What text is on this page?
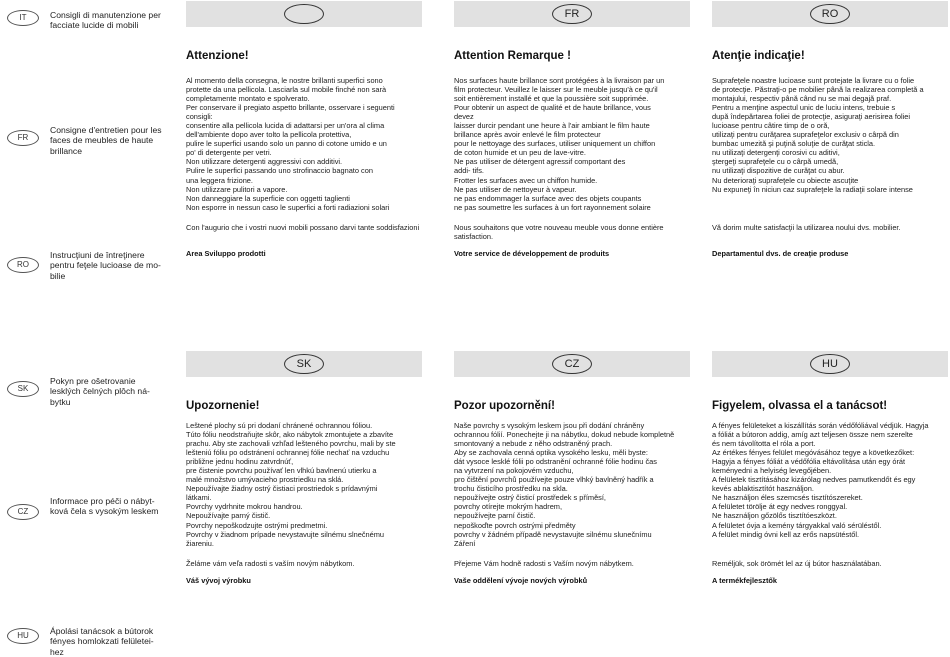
IT	Consigli di manutenzione per facciate lucide di mobili
FR
Consigne d'entretien pour les faces de meubles de haute brillance
RO
Instrucţiuni de întreţinere pentru feţele lucioase de mo- bilie
SK
Pokyn pre ošetrovanie lesklých čelných plôch ná- bytku
CZ
Informace pro péči o nábyt- ková čela s vysokým leskem
HU	Ápolási tanácsok a bútorok fényes homlokzati felületei- hez
Attenzione!
Al momento della consegna, le nostre brillanti superfici sono
protette da una pellicola. Lasciarla sul mobile finché non sarà
completamente montato e spolverato.
Per conservare il pregiato aspetto brillante, osservare i seguenti
consigli:
consentire alla pellicola lucida di adattarsi per un'ora al clima
dell'ambiente dopo aver tolto la pellicola protettiva,
pulire le superfici usando solo un panno di cotone umido e un
po' di detergente per vetri.
Non utilizzare detergenti aggressivi con additivi.
Pulire le superfici passando uno strofinaccio bagnato con
una leggera frizione.
Non utilizzare pulitori a vapore.
Non danneggiare la superficie con oggetti taglienti
Non esporre in nessun caso le superfici a forti radiazioni solari
Con l'augurio che i vostri nuovi mobili possano darvi tante soddisfazioni
Area Sviluppo prodotti
FR
Attention Remarque !
Nos surfaces haute brillance sont protégées à la livraison par un
film protecteur. Veuillez le laisser sur le meuble jusqu'à ce qu'il
soit entièrement installé et que la poussière soit supprimée.
Pour obtenir un aspect de qualité et de haute brillance, vous
devez
laisser durcir pendant une heure à l'air ambiant le film haute
brillance après avoir enlevé le film protecteur
pour le nettoyage des surfaces, utiliser uniquement un chiffon
de coton humide et un peu de lave-vitre.
Ne pas utiliser de détergent agressif comportant des
addi- tifs.
Frotter les surfaces avec un chiffon humide.
Ne pas utiliser de nettoyeur à vapeur.
ne pas endommager la surface avec des objets coupants
ne pas soumettre les surfaces à un fort rayonnement solaire
Nous souhaitons que votre nouveau meuble vous donne entière satisfaction.
Votre service de développement de produits
RO
Atenţie indicaţie!
Suprafeţele noastre lucioase sunt protejate la livrare cu o folie
de protecţie. Păstraţi-o pe mobilier până la realizarea completă a
montajului, respectiv până când nu se mai degajă praf.
Pentru a menţine aspectul unic de luciu intens, trebuie s
după îndepărtarea foliei de protecţie, asiguraţi aerisirea foliei
lucioase pentru câtire timp de o oră,
utilizaţi pentru curăţarea suprafeţelor exclusiv o cârpă din
bumbac umezită şi puţină soluţie de curăţat sticla.
nu utilizaţi detergenţi corosivi cu aditivi,
ştergeţi suprafeţele cu o cârpă umedă,
nu utilizaţi dispozitive de curăţat cu abur.
Nu deterioraţi suprafeţele cu obiecte ascuţite
Nu expuneţi în niciun caz suprafeţele la radiaţii solare intense
Vă dorim multe satisfacţii la utilizarea noului dvs. mobilier.
Departamentul dvs. de creaţie produse
SK
Upozornenie!
Leštené plochy sú pri dodaní chránené ochrannou fóliou.
Túto fóliu neodstraňujte skôr, ako nábytok zmontujete a zbavíte
prachu. Aby ste zachovali vzhľad lešteného povrchu, mali by ste
lešteniú fóliu po odstránení ochrannej fólie nechať na vzduchu
približne jednu hodinu zatvrdnúť,
pre čistenie povrchu používať len vlhkú bavlnenú utierku a
malé množstvo umývacieho prostriedku na sklá.
Nepoužívajte žiadny ostrý čistiaci prostriedok s prídavnými
látkami.
Povrchy vydrhnite mokrou handrou.
Nepoužívajte parný čistič.
Povrchy nepoškodzujte ostrými predmetmi.
Povrchy v žiadnom prípade nevystavujte silnému slnečnému
žiareniu.
Želáme vám veľa radosti s vaším novým nábytkom.
Váš vývoj výrobku
CZ
Pozor upozornění!
Naše povrchy s vysokým leskem jsou při dodání chráněny
ochrannou fólií. Ponechejte ji na nábytku, dokud nebude kompletně
smontovaný a nebude z něho odstraněný prach.
Aby se zachovala cenná optika vysokého lesku, měli byste:
dát vysoce lesklé fólii po odstranění ochranné fólie hodinu čas
na vytvrzení na pokojovém vzduchu,
pro čištění povrchů používejte pouze vlhký bavlněný hadřík a
trochu čisticího prostředku na skla.
nepoužívejte ostrý čisticí prostředek s příměsí,
povrchy otírejte mokrým hadrem,
nepoužívejte parní čistič.
nepoškoďte povrch ostrými předměty
povrchy v žádném případě nevystavujte silnému slunečnímu
Záření
Přejeme Vám hodně radosti s Vaším novým nábytkem.
Vaše oddělení vývoje nových výrobků
HU
Figyelem, olvassa el a tanácsot!
A fényes felületeket a kiszállítás során védőfóliával védjük. Hagyja
a fóliát a bútoron addig, amíg azt teljesen össze nem szerelte
és nem távolította el róla a port.
Az értékes fényes felület megóvásához tegye a következőket:
Hagyja a fényes fóliát a védőfólia eltávolítása után egy órát
keményedni a helyiség levegőjében.
A felületek tisztításához kizárólag nedves pamutkendőt és egy
kevés ablaktisztítót használjon.
Ne használjon éles szemcsés tisztítószereket.
A felületet törölje át egy nedves ronggyal.
Ne használjon gőzölős tisztítóeszközt.
A felületet óvja a kemény tárgyakkal való sérüléstől.
A felület mindig óvni kell az erős napsütéstől.
Reméljük, sok örömét lel az új bútor használatában.
A termékfejlesztők
